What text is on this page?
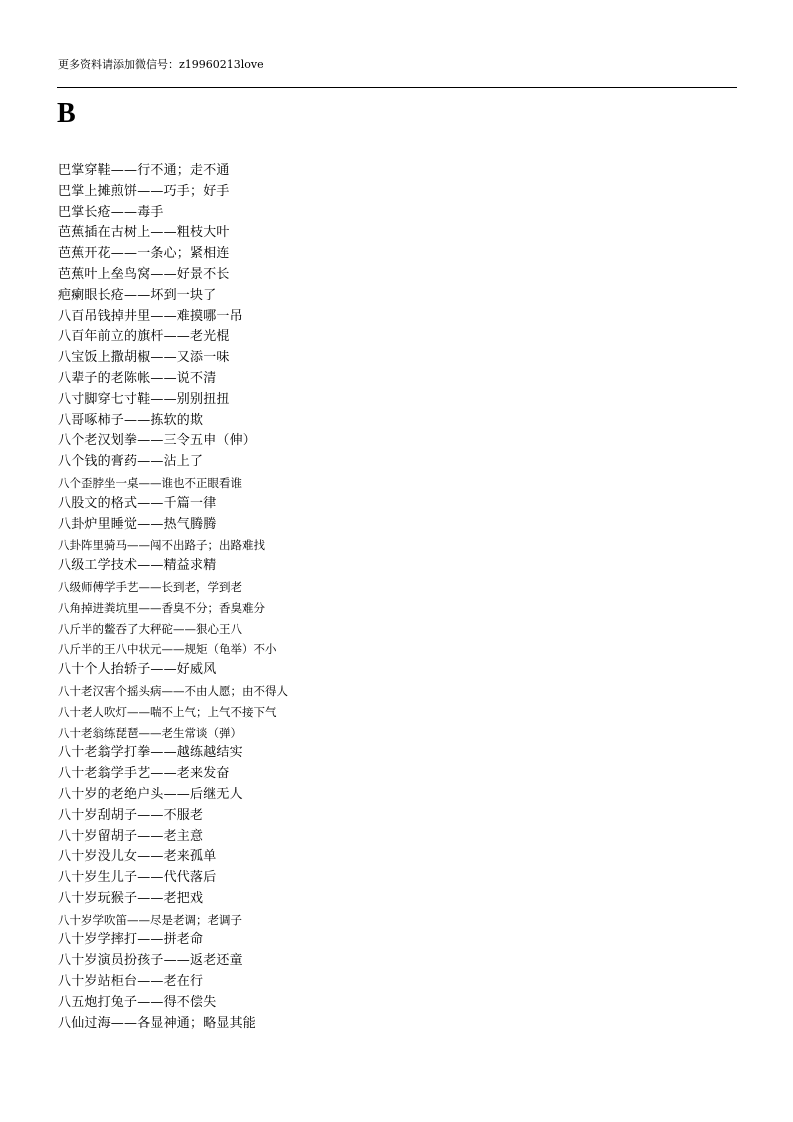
更多资料请添加微信号：z19960213love
B
巴掌穿鞋——行不通；走不通
巴掌上摊煎饼——巧手；好手
巴掌长疮——毒手
芭蕉插在古树上——粗枝大叶
芭蕉开花——一条心；紧相连
芭蕉叶上垒鸟窝——好景不长
疤瘌眼长疮——坏到一块了
八百吊钱掉井里——难摸哪一吊
八百年前立的旗杆——老光棍
八宝饭上撒胡椒——又添一味
八辈子的老陈帐——说不清
八寸脚穿七寸鞋——别别扭扭
八哥啄柿子——拣软的欺
八个老汉划拳——三令五申（伸）
八个钱的膏药——沾上了
八个歪脖坐一桌——谁也不正眼看谁
八股文的格式——千篇一律
八卦炉里睡觉——热气腾腾
八卦阵里骑马——闯不出路子；出路难找
八级工学技术——精益求精
八级师傅学手艺——长到老，学到老
八角掉进粪坑里——香臭不分；香臭难分
八斤半的鳖吞了大秤砣——狠心王八
八斤半的王八中状元——规矩（龟举）不小
八十个人抬轿子——好威风
八十老汉害个摇头病——不由人愿；由不得人
八十老人吹灯——喘不上气；上气不接下气
八十老翁练琵琶——老生常谈（弹）
八十老翁学打拳——越练越结实
八十老翁学手艺——老来发奋
八十岁的老绝户头——后继无人
八十岁刮胡子——不服老
八十岁留胡子——老主意
八十岁没儿女——老来孤单
八十岁生儿子——代代落后
八十岁玩猴子——老把戏
八十岁学吹笛——尽是老调；老调子
八十岁学摔打——拼老命
八十岁演员扮孩子——返老还童
八十岁站柜台——老在行
八五炮打兔子——得不偿失
八仙过海——各显神通；略显其能
